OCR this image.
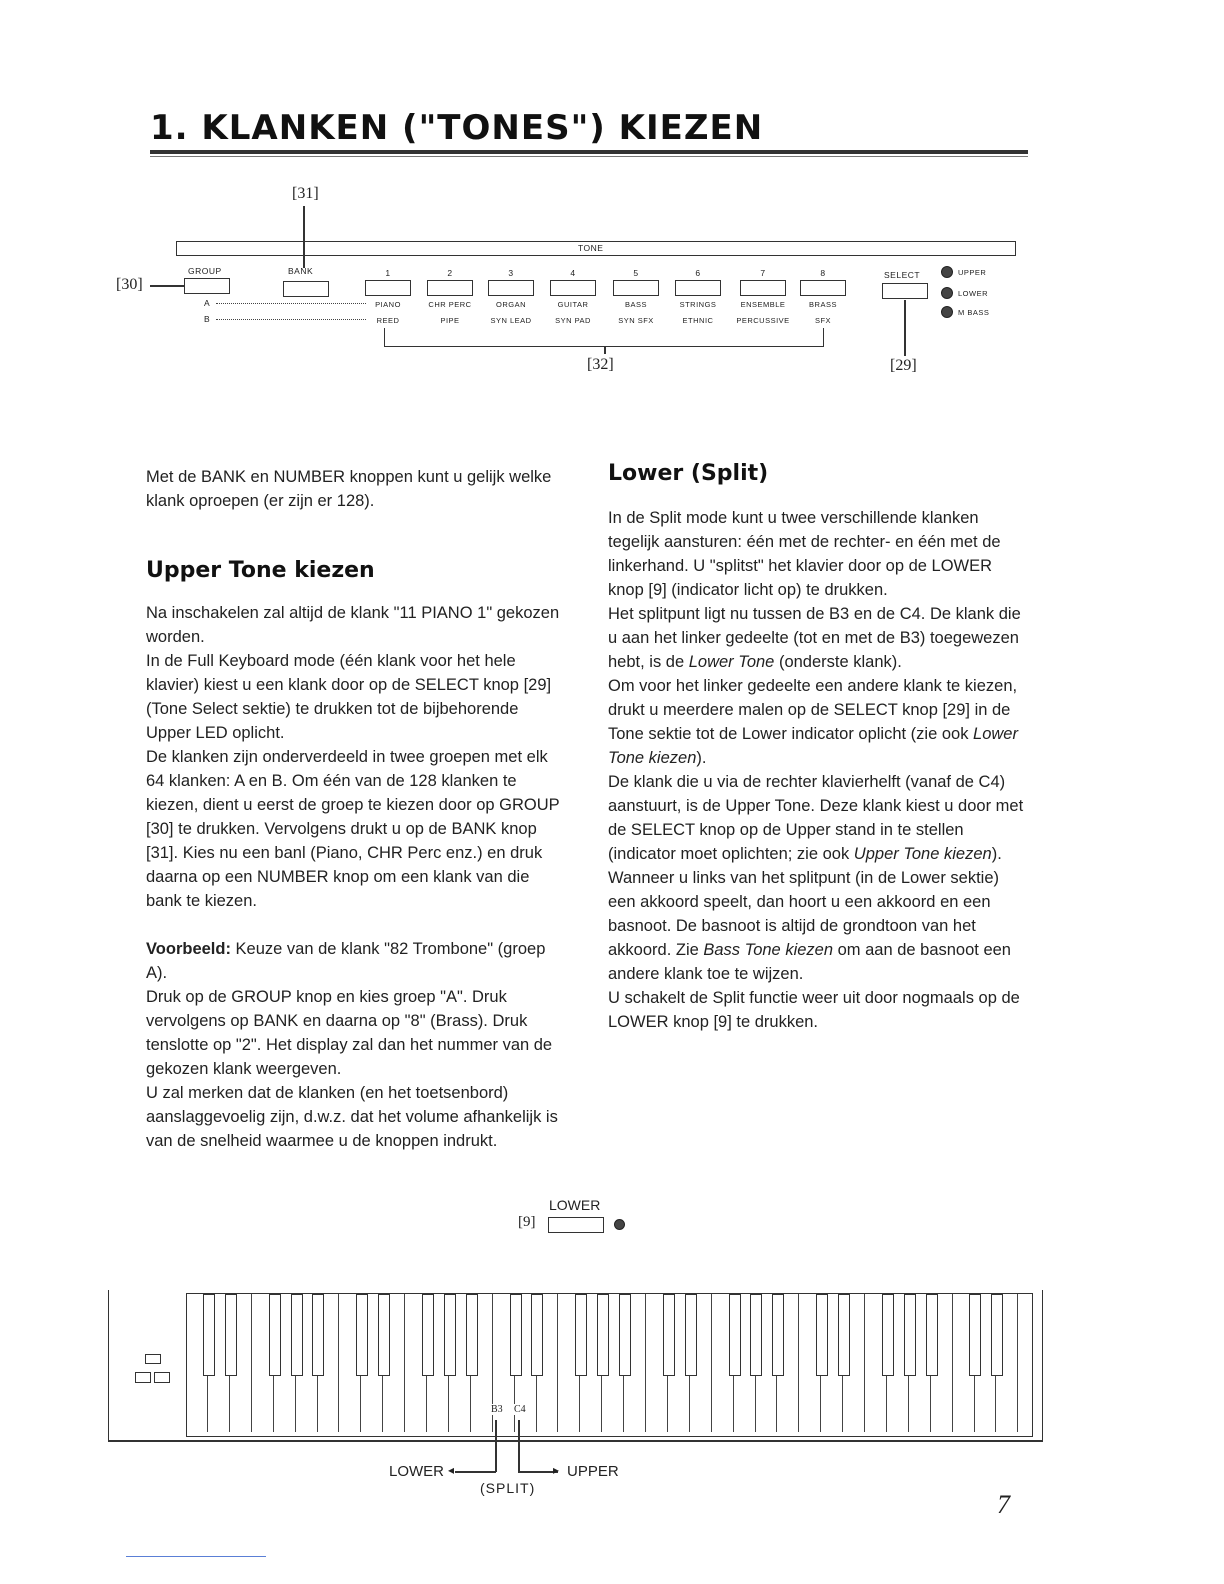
1. KLANKEN ("TONES") KIEZEN
[31]
TONE
GROUP	BANK
[30]
A
B
1
PIANO
REED
2
CHR PERC
PIPE
3
ORGAN
SYN LEAD
4
GUITAR
SYN PAD
5
BASS
SYN SFX
6
STRINGS
ETHNIC
7
ENSEMBLE
PERCUSSIVE
8
BRASS
SFX
[32]
SELECT
[29]
UPPER
LOWER
M BASS

Met de BANK en NUMBER knoppen kunt u gelijk welke klank oproepen (er zijn er 128).

Upper Tone kiezen

Na inschakelen zal altijd de klank "11 PIANO 1" gekozen worden.

In de Full Keyboard mode (één klank voor het hele klavier) kiest u een klank door op de SELECT knop [29] (Tone Select sektie) te drukken tot de bijbehorende Upper LED oplicht.

De klanken zijn onderverdeeld in twee groepen met elk 64 klanken: A en B. Om één van de 128 klanken te kiezen, dient u eerst de groep te kiezen door op GROUP [30] te drukken. Vervolgens drukt u op de BANK knop [31]. Kies nu een banl (Piano, CHR Perc enz.) en druk daarna op een NUMBER knop om een klank van die bank te kiezen.

Voorbeeld: Keuze van de klank "82 Trombone" (groep A).

Druk op de GROUP knop en kies groep "A". Druk vervolgens op BANK en daarna op "8" (Brass). Druk tenslotte op "2". Het display zal dan het nummer van de gekozen klank weergeven.

U zal merken dat de klanken (en het toetsenbord) aanslaggevoelig zijn, d.w.z. dat het volume afhankelijk is van de snelheid waarmee u de knoppen indrukt.

Lower (Split)

In de Split mode kunt u twee verschillende klanken tegelijk aansturen: één met de rechter- en één met de linkerhand. U "splitst" het klavier door op de LOWER knop [9] (indicator licht op) te drukken.

Het splitpunt ligt nu tussen de B3 en de C4. De klank die u aan het linker gedeelte (tot en met de B3) toegewezen hebt, is de Lower Tone (onderste klank).

Om voor het linker gedeelte een andere klank te kiezen, drukt u meerdere malen op de SELECT knop [29] in de Tone sektie tot de Lower indicator oplicht (zie ook Lower Tone kiezen).

De klank die u via de rechter klavierhelft (vanaf de C4) aanstuurt, is de Upper Tone. Deze klank kiest u door met de SELECT knop op de Upper stand in te stellen (indicator moet oplichten; zie ook Upper Tone kiezen).

Wanneer u links van het splitpunt (in de Lower sektie) een akkoord speelt, dan hoort u een akkoord en een basnoot. De basnoot is altijd de grondtoon van het akkoord. Zie Bass Tone kiezen om aan de basnoot een andere klank toe te wijzen.

U schakelt de Split functie weer uit door nogmaals op de LOWER knop [9] te drukken.

LOWER
[9]
B3 C4
◂	▸
LOWER	UPPER
(SPLIT)
7
